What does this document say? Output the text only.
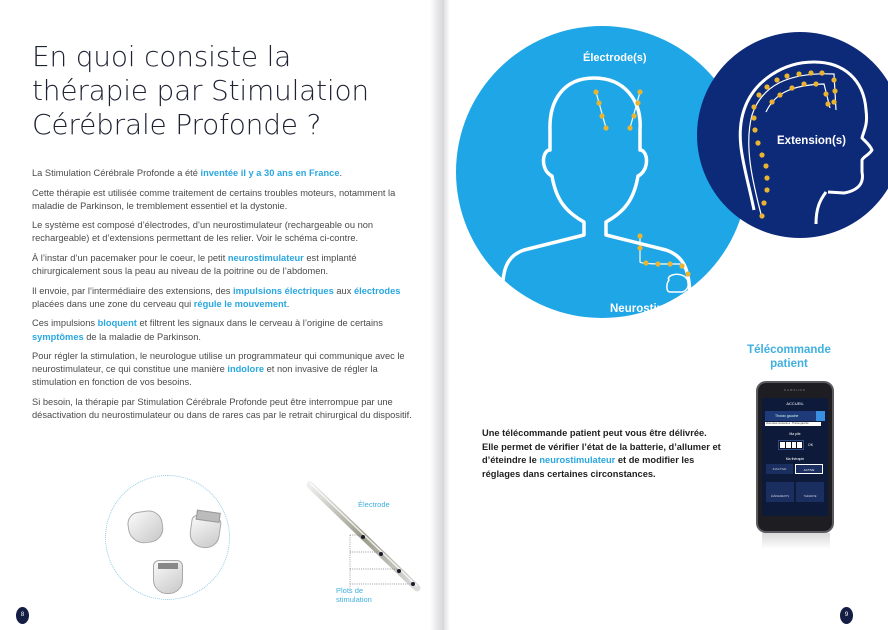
En quoi consiste la thérapie par Stimulation Cérébrale Profonde ?

La Stimulation Cérébrale Profonde a été inventée il y a 30 ans en France.

Cette thérapie est utilisée comme traitement de certains troubles moteurs, notamment la maladie de Parkinson, le tremblement essentiel et la dystonie.

Le système est composé d’électrodes, d’un neurostimulateur (rechargeable ou non rechargeable) et d’extensions permettant de les relier. Voir le schéma ci-contre.

À l’instar d’un pacemaker pour le coeur, le petit neurostimulateur est implanté chirurgicalement sous la peau au niveau de la poitrine ou de l’abdomen.

Il envoie, par l’intermédiaire des extensions, des impulsions électriques aux électrodes placées dans une zone du cerveau qui régule le mouvement.

Ces impulsions bloquent et filtrent les signaux dans le cerveau à l’origine de certains symptômes de la maladie de Parkinson.

Pour régler la stimulation, le neurologue utilise un programmateur qui communique avec le neurostimulateur, ce qui constitue une manière indolore et non invasive de régler la stimulation en fonction de vos besoins.

Si besoin, la thérapie par Stimulation Cérébrale Profonde peut être interrompue par une désactivation du neurostimulateur ou dans de rares cas par le retrait chirurgical du dispositif.

Électrode
Plots de stimulation
8
Électrode(s)
Extension(s)
Neurostimulateur
Télécommande patient
Une télécommande patient peut vous être délivrée. Elle permet de vérifier l’état de la batterie, d’allumer et d’éteindre le neurostimulateur et de modifier les réglages dans certaines circonstances.
SAMSUNG
ACCUEIL
Thorax gauche
Vous êtes connecté à : Thorax gauche
Ma pile
OK
Ma thérapie
INACTIVE	ACTIVE
ÉVÉNEMENTS	THÉRAPIE
9
